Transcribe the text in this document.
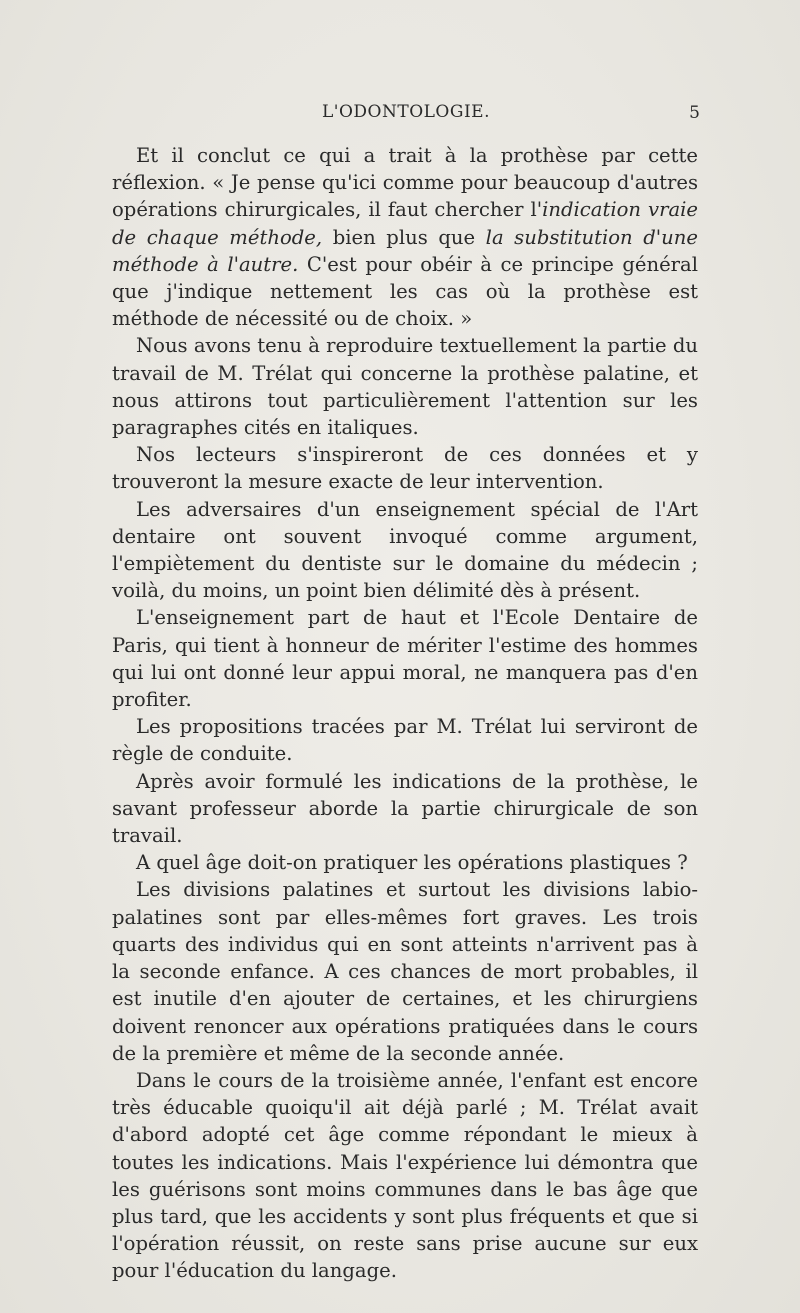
L'ODONTOLOGIE.	5

Et il conclut ce qui a trait à la prothèse par cette réflexion. « Je pense qu'ici comme pour beaucoup d'autres opérations chirurgicales, il faut chercher l'indication vraie de chaque méthode, bien plus que la substitution d'une méthode à l'autre. C'est pour obéir à ce principe général que j'indique nettement les cas où la prothèse est méthode de nécessité ou de choix. »

Nous avons tenu à reproduire textuellement la partie du travail de M. Trélat qui concerne la prothèse palatine, et nous attirons tout particulièrement l'attention sur les paragraphes cités en italiques.

Nos lecteurs s'inspireront de ces données et y trouveront la mesure exacte de leur intervention.

Les adversaires d'un enseignement spécial de l'Art dentaire ont souvent invoqué comme argument, l'empiètement du dentiste sur le domaine du médecin ; voilà, du moins, un point bien délimité dès à présent.

L'enseignement part de haut et l'Ecole Dentaire de Paris, qui tient à honneur de mériter l'estime des hommes qui lui ont donné leur appui moral, ne manquera pas d'en profiter.

Les propositions tracées par M. Trélat lui serviront de règle de conduite.

Après avoir formulé les indications de la prothèse, le savant professeur aborde la partie chirurgicale de son travail.

A quel âge doit-on pratiquer les opérations plastiques ?

Les divisions palatines et surtout les divisions labio-palatines sont par elles-mêmes fort graves. Les trois quarts des individus qui en sont atteints n'arrivent pas à la seconde enfance. A ces chances de mort probables, il est inutile d'en ajouter de certaines, et les chirurgiens doivent renoncer aux opérations pratiquées dans le cours de la première et même de la seconde année.

Dans le cours de la troisième année, l'enfant est encore très éducable quoiqu'il ait déjà parlé ; M. Trélat avait d'abord adopté cet âge comme répondant le mieux à toutes les indications. Mais l'expérience lui démontra que les guérisons sont moins communes dans le bas âge que plus tard, que les accidents y sont plus fréquents et que si l'opération réussit, on reste sans prise aucune sur eux pour l'éducation du langage.
